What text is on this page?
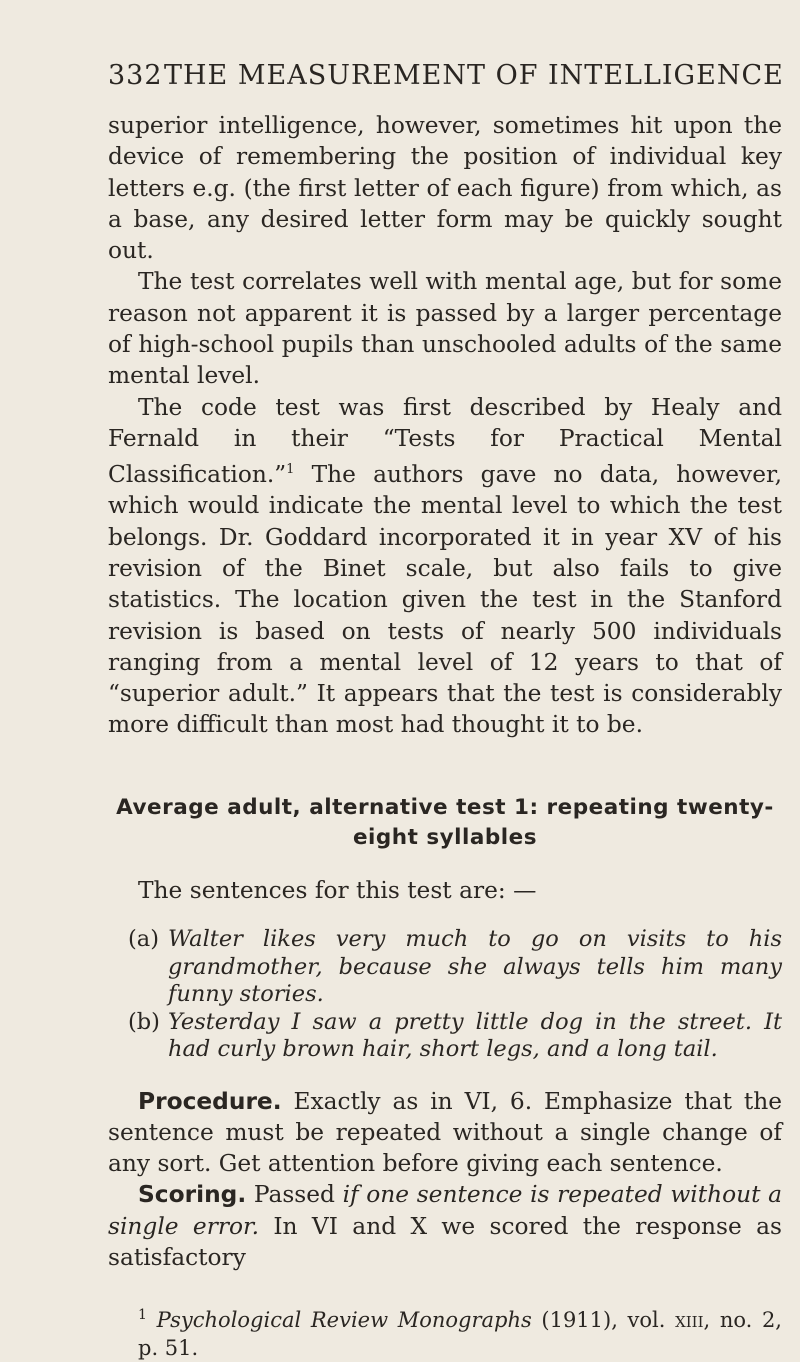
332THE MEASUREMENT OF INTELLIGENCE

superior intelligence, however, sometimes hit upon the device of remembering the position of individual key letters e.g. (the first letter of each figure) from which, as a base, any desired letter form may be quickly sought out.

The test correlates well with mental age, but for some reason not apparent it is passed by a larger percentage of high-school pupils than unschooled adults of the same mental level.

The code test was first described by Healy and Fernald in their “Tests for Practical Mental Classification.”$^1$ The authors gave no data, however, which would indicate the mental level to which the test belongs. Dr. Goddard incorporated it in year XV of his revision of the Binet scale, but also fails to give statistics. The location given the test in the Stanford revision is based on tests of nearly 500 individuals ranging from a mental level of 12 years to that of “superior adult.” It appears that the test is considerably more difficult than most had thought it to be.

Average adult, alternative test 1: repeating twenty-eight syllables

The sentences for this test are: —

(a) Walter likes very much to go on visits to his grandmother, because she always tells him many funny stories.
(b) Yesterday I saw a pretty little dog in the street. It had curly brown hair, short legs, and a long tail.

Procedure. Exactly as in VI, 6. Emphasize that the sentence must be repeated without a single change of any sort. Get attention before giving each sentence.

Scoring. Passed if one sentence is repeated without a single error. In VI and X we scored the response as satisfactory

$^1$ Psychological Review Monographs (1911), vol. xiii, no. 2, p. 51.
